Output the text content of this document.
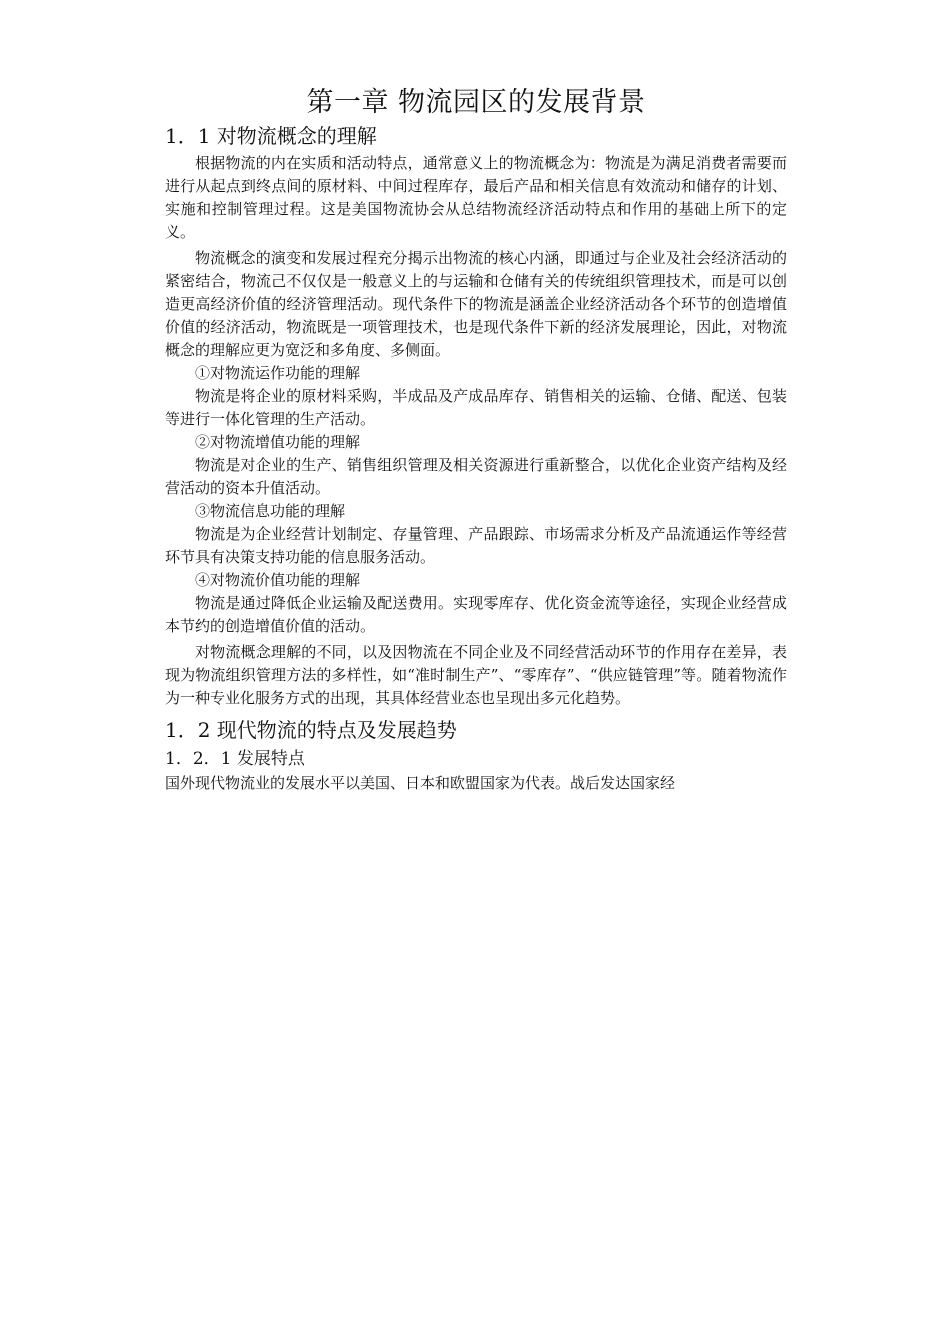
第一章 物流园区的发展背景
1．1 对物流概念的理解

根据物流的内在实质和活动特点，通常意义上的物流概念为：物流是为满足消费者需要而进行从起点到终点间的原材料、中间过程库存，最后产品和相关信息有效流动和储存的计划、实施和控制管理过程。这是美国物流协会从总结物流经济活动特点和作用的基础上所下的定义。

物流概念的演变和发展过程充分揭示出物流的核心内涵，即通过与企业及社会经济活动的紧密结合，物流己不仅仅是一般意义上的与运输和仓储有关的传统组织管理技术，而是可以创造更高经济价值的经济管理活动。现代条件下的物流是涵盖企业经济活动各个环节的创造增值价值的经济活动，物流既是一项管理技术，也是现代条件下新的经济发展理论，因此，对物流概念的理解应更为宽泛和多角度、多侧面。

①对物流运作功能的理解

物流是将企业的原材料采购，半成品及产成品库存、销售相关的运输、仓储、配送、包装等进行一体化管理的生产活动。

②对物流增值功能的理解

物流是对企业的生产、销售组织管理及相关资源进行重新整合，以优化企业资产结构及经营活动的资本升值活动。

③物流信息功能的理解

物流是为企业经营计划制定、存量管理、产品跟踪、市场需求分析及产品流通运作等经营环节具有决策支持功能的信息服务活动。

④对物流价值功能的理解

物流是通过降低企业运输及配送费用。实现零库存、优化资金流等途径，实现企业经营成本节约的创造增值价值的活动。

对物流概念理解的不同，以及因物流在不同企业及不同经营活动环节的作用存在差异，表现为物流组织管理方法的多样性，如“准时制生产”、“零库存”、“供应链管理”等。随着物流作为一种专业化服务方式的出现，其具体经营业态也呈现出多元化趋势。

1．2 现代物流的特点及发展趋势
1．2．1 发展特点

国外现代物流业的发展水平以美国、日本和欧盟国家为代表。战后发达国家经
